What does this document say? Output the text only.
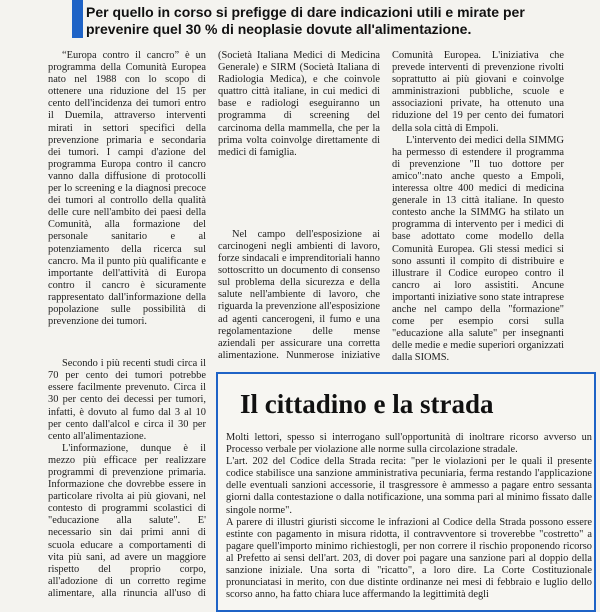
Per quello in corso si prefigge di dare indicazioni utili e mirate per prevenire quel 30 % di neoplasie dovute all'alimentazione.

“Europa contro il cancro” è un programma della Comunità Europea nato nel 1988 con lo scopo di ottenere una riduzione del 15 per cento dell'incidenza dei tumori entro il Duemila, attraverso interventi mirati in settori specifici della prevenzione primaria e secondaria dei tumori. I campi d'azione del programma Europa contro il cancro vanno dalla diffusione di protocolli per lo screening e la diagnosi precoce dei tumori al controllo della qualità delle cure nell'ambito dei paesi della Comunità, alla formazione del personale sanitario e al potenziamento della ricerca sul cancro. Ma il punto più qualificante e importante dell'attività di Europa contro il cancro è sicuramente rappresentato dall'informazione della popolazione sulle possibilità di prevenzione dei tumori.

Secondo i più recenti studi circa il 70 per cento dei tumori potrebbe essere facilmente prevenuto. Circa il 30 per cento dei decessi per tumori, infatti, è dovuto al fumo dal 3 al 10 per cento dall'alcol e circa il 30 per cento all'alimentazione.

L'informazione, dunque è il mezzo più efficace per realizzare programmi di prevenzione primaria. Informazione che dovrebbe essere in particolare rivolta ai più giovani, nel contesto di programmi scolastici di "educazione alla salute". E' necessario sin dai primi anni di scuola educare a comportamenti di vita più sani, ad avere un maggiore rispetto del proprio corpo, all'adozione di un corretto regime alimentare, alla rinuncia all'uso di

(Società Italiana Medici di Medicina Generale) e SIRM (Società Italiana di Radiologia Medica), e che coinvole quattro città italiane, in cui medici di base e radiologi eseguiranno un programma di screening del carcinoma della mammella, che per la prima volta coinvolge direttamente di medici di famiglia.

Nel campo dell'esposizione ai carcinogeni negli ambienti di lavoro, forze sindacali e imprenditoriali hanno sottoscritto un documento di consenso sul problema della sicurezza e della salute nell'ambiente di lavoro, che riguarda la prevenzione all'esposizione ad agenti cancerogeni, il fumo e una regolamentazione delle mense aziendali per assicurare una corretta alimentazione. Nunmerose iniziative

Comunità Europea. L'iniziativa che prevede interventi di prevenzione rivolti soprattutto ai più giovani e coinvolge amministrazioni pubbliche, scuole e associazioni private, ha ottenuto una riduzione del 19 per cento dei fumatori della sola città di Empoli.

L'intervento dei medici della SIMMG ha permesso di estendere il programma di prevenzione "Il tuo dottore per amico":nato anche questo a Empoli, interessa oltre 400 medici di medicina generale in 13 città italiane. In questo contesto anche la SIMMG ha stilato un programma di intervento per i medici di base adottato come modello della Comunità Europea. Gli stessi medici si sono assunti il compito di distribuire e illustrare il Codice europeo contro il cancro ai loro assistiti. Ancune importanti iniziative sono state intraprese anche nel campo della "formazione" come per esempio corsi sulla "educazione alla salute" per insegnanti delle medie e medie superiori organizzati dalla SIOMS.

Il cittadino e la strada

Molti lettori, spesso si interrogano sull'opportunità di inoltrare ricorso avverso un Processo verbale per violazione alle norme sulla circolazione stradale.

L'art. 202 del Codice della Strada recita: "per le violazioni per le quali il presente codice stabilisce una sanzione amministrativa pecuniaria, ferma restando l'applicazione delle eventuali sanzioni accessorie, il trasgressore è ammesso a pagare entro sessanta giorni dalla contestazione o dalla notificazione, una somma pari al minimo fissato dalle singole norme".

A parere di illustri giuristi siccome le infrazioni al Codice della Strada possono essere estinte con pagamento in misura ridotta, il contravventore si troverebbe "costretto" a pagare quell'importo minimo richiestogli, per non correre il rischio proponendo ricorso al Prefetto ai sensi dell'art. 203, di dover poi pagare una sanzione pari al doppio della sanzione iniziale. Una sorta di "ricatto", a loro dire. La Corte Costituzionale pronunciatasi in merito, con due distinte ordinanze nei mesi di febbraio e luglio dello scorso anno, ha fatto chiara luce affermando la legittimità degli
